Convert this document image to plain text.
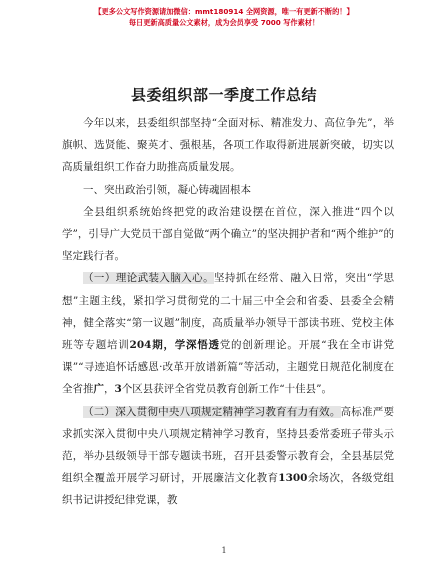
【更多公文写作资源请加微信：mmt180914 全网资源，唯一有更新不断的！】
每日更新高质量公文素材，成为会员享受 7000 写作素材！
县委组织部一季度工作总结

今年以来，县委组织部坚持“全面对标、精准发力、高位争先”，举旗帜、选贤能、聚英才、强根基，各项工作取得新进展新突破，切实以高质量组织工作奋力助推高质量发展。

一、突出政治引领，凝心铸魂固根本

全县组织系统始终把党的政治建设摆在首位，深入推进“四个以学”，引导广大党员干部自觉做“两个确立”的坚决拥护者和“两个维护”的坚定践行者。

（一）理论武装入脑入心。坚持抓在经常、融入日常，突出“学思想”主题主线，紧扣学习贯彻党的二十届三中全会和省委、县委全会精神，健全落实“第一议题”制度，高质量举办领导干部读书班、党校主体班等专题培训204期，学深悟透党的创新理论。开展“我在全市讲党课”“寻迹追怀话感恩·改革开放谱新篇”等活动，主题党日规范化制度在全省推广，3个区县获评全省党员教育创新工作“十佳县”。

（二）深入贯彻中央八项规定精神学习教育有力有效。高标准严要求抓实深入贯彻中央八项规定精神学习教育，坚持县委常委班子带头示范，举办县级领导干部专题读书班，召开县委警示教育会，全县基层党组织全覆盖开展学习研讨，开展廉洁文化教育1300余场次，各级党组织书记讲授纪律党课，教

1
